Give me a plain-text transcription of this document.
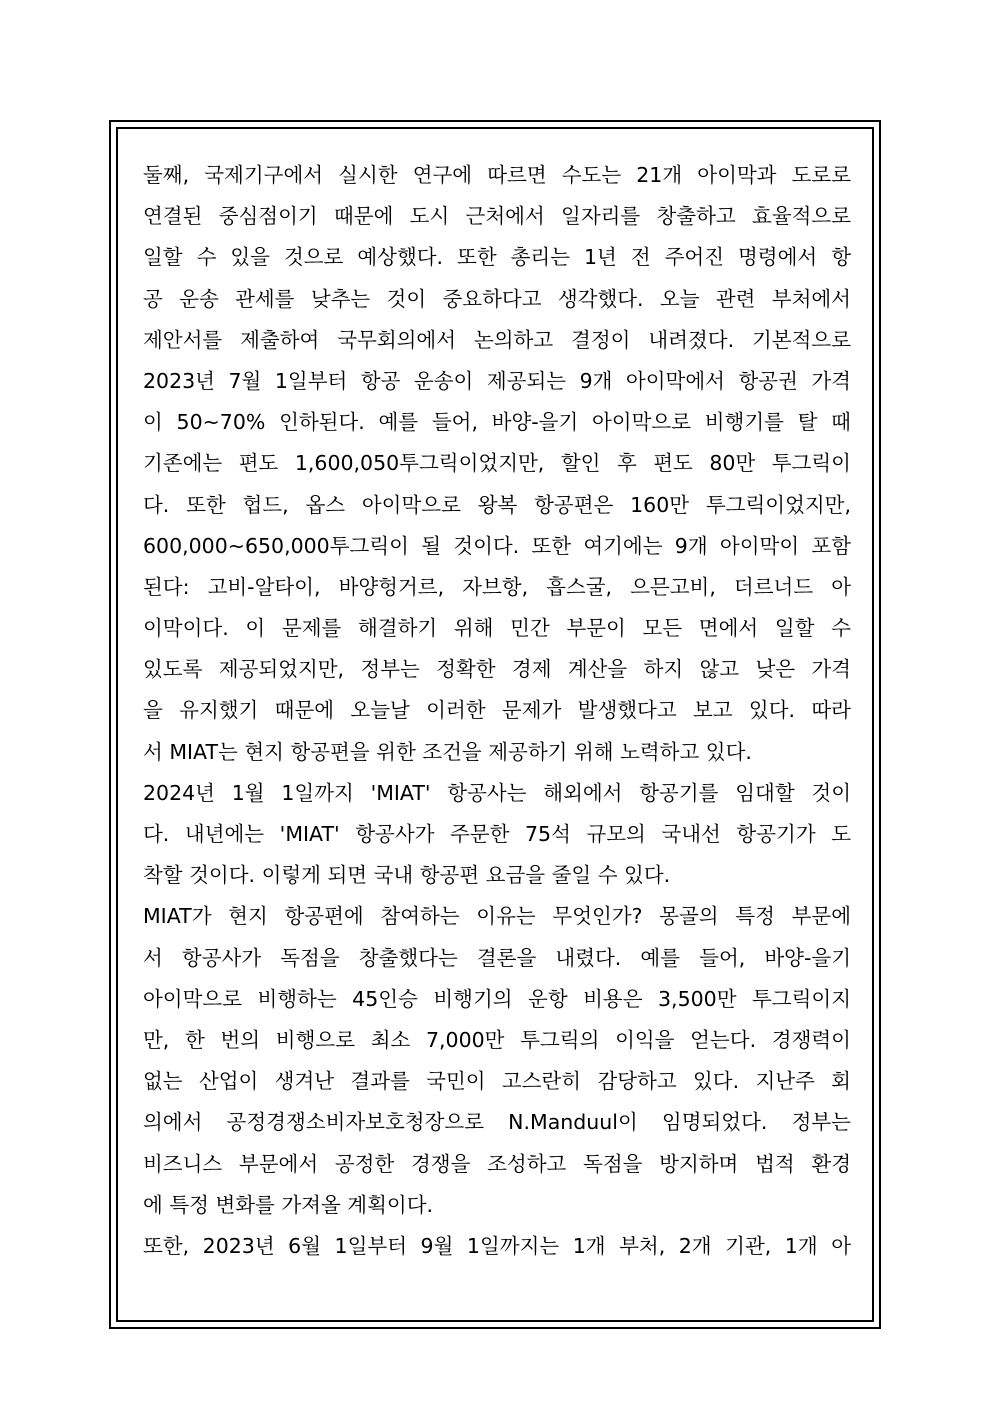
둘째, 국제기구에서 실시한 연구에 따르면 수도는 21개 아이막과 도로로
연결된 중심점이기 때문에 도시 근처에서 일자리를 창출하고 효율적으로
일할 수 있을 것으로 예상했다. 또한 총리는 1년 전 주어진 명령에서 항
공 운송 관세를 낮추는 것이 중요하다고 생각했다. 오늘 관련 부처에서
제안서를 제출하여 국무회의에서 논의하고 결정이 내려졌다. 기본적으로
2023년 7월 1일부터 항공 운송이 제공되는 9개 아이막에서 항공권 가격
이 50~70% 인하된다. 예를 들어, 바양-을기 아이막으로 비행기를 탈 때
기존에는 편도 1,600,050투그릭이었지만, 할인 후 편도 80만 투그릭이
다. 또한 헙드, 옵스 아이막으로 왕복 항공편은 160만 투그릭이었지만,
600,000~650,000투그릭이 될 것이다. 또한 여기에는 9개 아이막이 포함
된다: 고비-알타이, 바양헝거르, 자브항, 흡스굴, 으믄고비, 더르너드 아
이막이다. 이 문제를 해결하기 위해 민간 부문이 모든 면에서 일할 수
있도록 제공되었지만, 정부는 정확한 경제 계산을 하지 않고 낮은 가격
을 유지했기 때문에 오늘날 이러한 문제가 발생했다고 보고 있다. 따라
서 MIAT는 현지 항공편을 위한 조건을 제공하기 위해 노력하고 있다.
2024년 1월 1일까지 'MIAT' 항공사는 해외에서 항공기를 임대할 것이
다. 내년에는 'MIAT' 항공사가 주문한 75석 규모의 국내선 항공기가 도
착할 것이다. 이렇게 되면 국내 항공편 요금을 줄일 수 있다.
MIAT가 현지 항공편에 참여하는 이유는 무엇인가? 몽골의 특정 부문에
서 항공사가 독점을 창출했다는 결론을 내렸다. 예를 들어, 바양-을기
아이막으로 비행하는 45인승 비행기의 운항 비용은 3,500만 투그릭이지
만, 한 번의 비행으로 최소 7,000만 투그릭의 이익을 얻는다. 경쟁력이
없는 산업이 생겨난 결과를 국민이 고스란히 감당하고 있다. 지난주 회
의에서 공정경쟁소비자보호청장으로 N.Manduul이 임명되었다. 정부는
비즈니스 부문에서 공정한 경쟁을 조성하고 독점을 방지하며 법적 환경
에 특정 변화를 가져올 계획이다.
또한, 2023년 6월 1일부터 9월 1일까지는 1개 부처, 2개 기관, 1개 아
